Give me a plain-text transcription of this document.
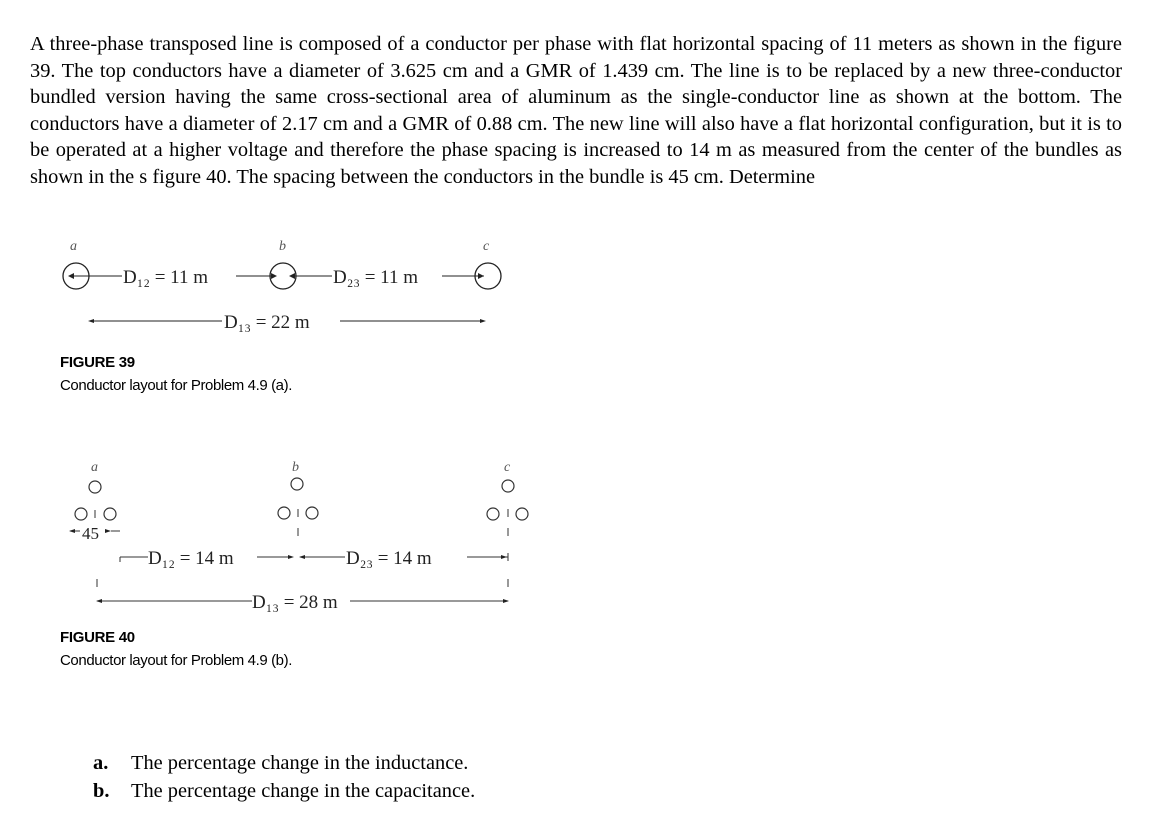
A three-phase transposed line is composed of a conductor per phase with flat horizontal spacing of 11 meters as shown in the figure 39. The top conductors have a diameter of 3.625 cm and a GMR of 1.439 cm. The line is to be replaced by a new three-conductor bundled version having the same cross-sectional area of aluminum as the single-conductor line as shown at the bottom. The conductors have a diameter of 2.17 cm and a GMR of 0.88 cm. The new line will also have a flat horizontal configuration, but it is to be operated at a higher voltage and therefore the phase spacing is increased to 14 m as measured from the center of the bundles as shown in the s figure 40. The spacing between the conductors in the bundle is 45 cm. Determine

a	b	c
D₁₂ = 11 m	D₂₃ = 11 m
D₁₃ = 22 m
FIGURE 39
Conductor layout for Problem 4.9 (a).
a	b	c
45
D₁₂ = 14 m	D₂₃ = 14 m
D₁₃ = 28 m
FIGURE 40
Conductor layout for Problem 4.9 (b).
a.	The percentage change in the inductance.
b.	The percentage change in the capacitance.
